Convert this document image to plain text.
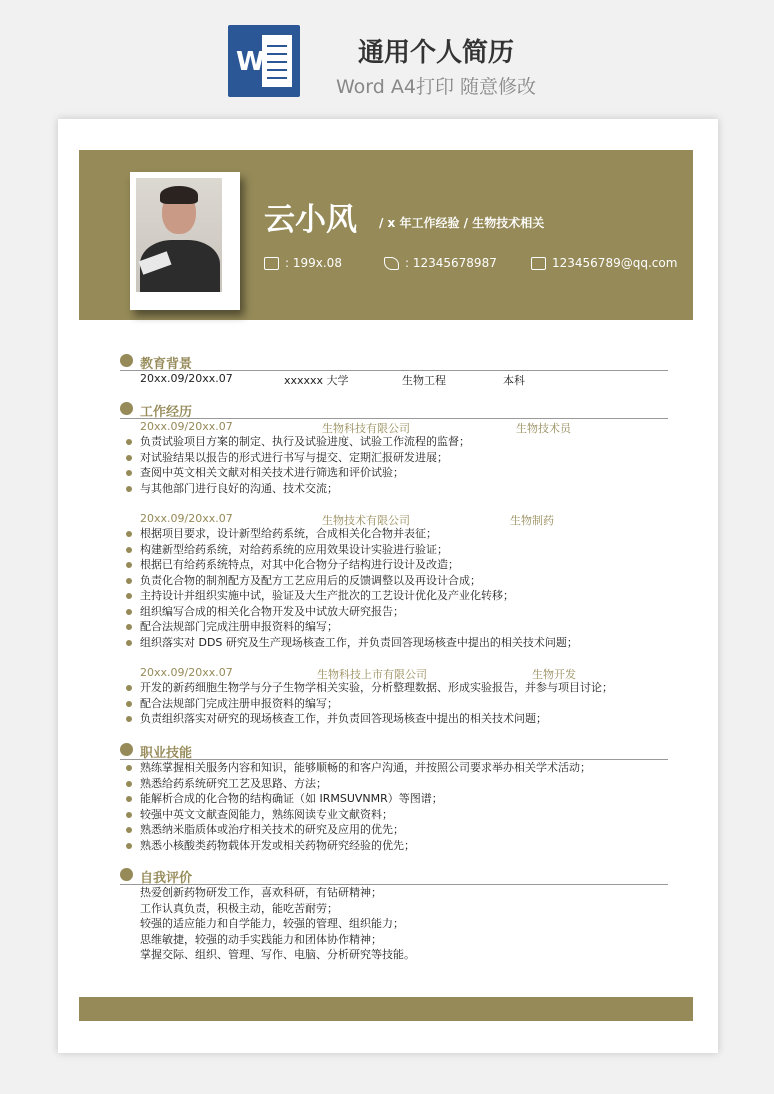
W	通用个人简历
Word A4打印 随意修改
云小风 / x 年工作经验 / 生物技术相关
: 199x.08	: 12345678987	123456789@qq.com
教育背景
20xx.09/20xx.07	xxxxxx 大学	生物工程	本科
工作经历
20xx.09/20xx.07	生物科技有限公司	生物技术员
负责试验项目方案的制定、执行及试验进度、试验工作流程的监督；
对试验结果以报告的形式进行书写与提交、定期汇报研发进展；
查阅中英文相关文献对相关技术进行筛选和评价试验；
与其他部门进行良好的沟通、技术交流；
20xx.09/20xx.07	生物技术有限公司	生物制药
根据项目要求，设计新型给药系统，合成相关化合物并表征；
构建新型给药系统，对给药系统的应用效果设计实验进行验证；
根据已有给药系统特点，对其中化合物分子结构进行设计及改造；
负责化合物的制剂配方及配方工艺应用后的反馈调整以及再设计合成；
主持设计并组织实施中试，验证及大生产批次的工艺设计优化及产业化转移；
组织编写合成的相关化合物开发及中试放大研究报告；
配合法规部门完成注册申报资料的编写；
组织落实对 DDS 研究及生产现场核查工作，并负责回答现场核查中提出的相关技术问题；
20xx.09/20xx.07	生物科技上市有限公司	生物开发
开发的新药细胞生物学与分子生物学相关实验，分析整理数据、形成实验报告，并参与项目讨论；
配合法规部门完成注册申报资料的编写；
负责组织落实对研究的现场核查工作，并负责回答现场核查中提出的相关技术问题；
职业技能
熟练掌握相关服务内容和知识，能够顺畅的和客户沟通，并按照公司要求举办相关学术活动；
熟悉给药系统研究工艺及思路、方法；
能解析合成的化合物的结构确证（如 IRMSUVNMR）等图谱；
较强中英文文献查阅能力，熟练阅读专业文献资料；
熟悉纳米脂质体或治疗相关技术的研究及应用的优先；
熟悉小核酸类药物载体开发或相关药物研究经验的优先；
自我评价
热爱创新药物研发工作，喜欢科研，有钻研精神；
工作认真负责，积极主动，能吃苦耐劳；
较强的适应能力和自学能力，较强的管理、组织能力；
思维敏捷，较强的动手实践能力和团体协作精神；
掌握交际、组织、管理、写作、电脑、分析研究等技能。
